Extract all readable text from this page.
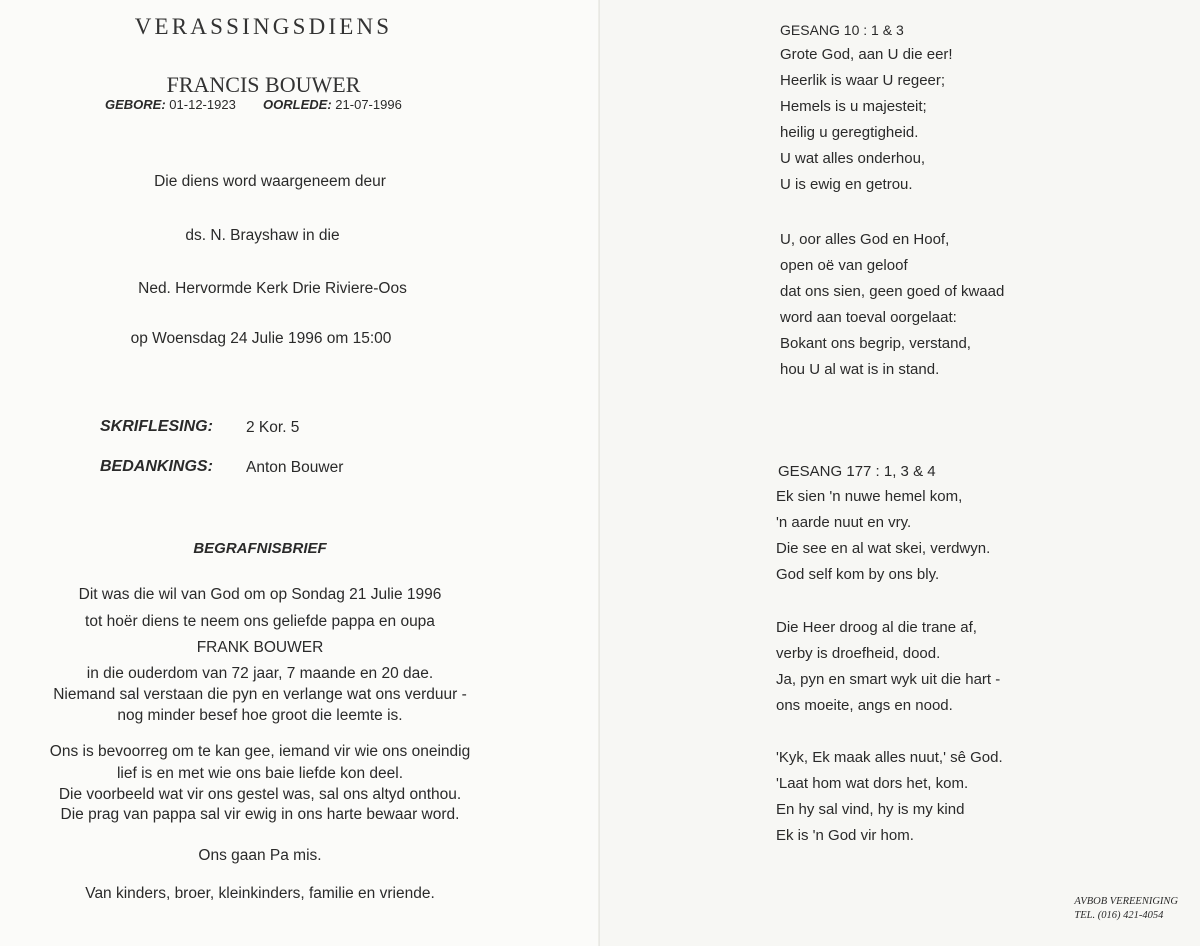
VERASSINGSDIENS
FRANCIS BOUWER
GEBORE: 01-12-1923 OORLEDE: 21-07-1996
Die diens word waargeneem deur
ds. N. Brayshaw in die
Ned. Hervormde Kerk Drie Riviere-Oos
op Woensdag 24 Julie 1996 om 15:00
SKRIFLESING: 2 Kor. 5
BEDANKINGS: Anton Bouwer
BEGRAFNISBRIEF
Dit was die wil van God om op Sondag 21 Julie 1996
tot hoër diens te neem ons geliefde pappa en oupa
FRANK BOUWER
in die ouderdom van 72 jaar, 7 maande en 20 dae.
Niemand sal verstaan die pyn en verlange wat ons verduur -
nog minder besef hoe groot die leemte is.
Ons is bevoorreg om te kan gee, iemand vir wie ons oneindig
lief is en met wie ons baie liefde kon deel.
Die voorbeeld wat vir ons gestel was, sal ons altyd onthou.
Die prag van pappa sal vir ewig in ons harte bewaar word.
Ons gaan Pa mis.
Van kinders, broer, kleinkinders, familie en vriende.
GESANG 10 : 1 & 3
Grote God, aan U die eer!
Heerlik is waar U regeer;
Hemels is u majesteit;
heilig u geregtigheid.
U wat alles onderhou,
U is ewig en getrou.
U, oor alles God en Hoof,
open oë van geloof
dat ons sien, geen goed of kwaad
word aan toeval oorgelaat:
Bokant ons begrip, verstand,
hou U al wat is in stand.
GESANG 177 : 1, 3 & 4
Ek sien 'n nuwe hemel kom,
'n aarde nuut en vry.
Die see en al wat skei, verdwyn.
God self kom by ons bly.
Die Heer droog al die trane af,
verby is droefheid, dood.
Ja, pyn en smart wyk uit die hart -
ons moeite, angs en nood.
'Kyk, Ek maak alles nuut,' sê God.
'Laat hom wat dors het, kom.
En hy sal vind, hy is my kind
Ek is 'n God vir hom.
AVBOB VEREENIGING
TEL. (016) 421-4054
